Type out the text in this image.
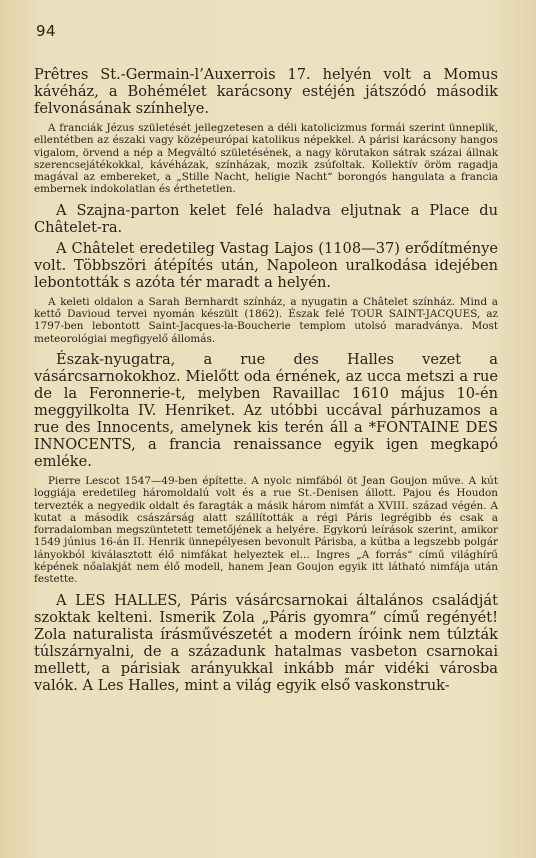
94

Prêtres St.-Germain-l’Auxerrois 17. helyén volt a Momus kávéház, a Bohémélet karácsony estéjén játszódó második felvonásának színhelye.

A franciák Jézus születését jellegzetesen a déli katolicizmus formái szerint ünneplik, ellentétben az északi vagy középeurópai katolikus népekkel. A párisi karácsony hangos vigalom, örvend a nép a Megváltó születésének, a nagy körutakon sátrak százai állnak szerencsejátékokkal, kávéházak, színházak, mozik zsúfoltak. Kollektív öröm ragadja magával az embereket, a „Stille Nacht, heligie Nacht“ borongós hangulata a francia embernek indokolatlan és érthetetlen.

A Szajna-parton kelet felé haladva eljutnak a Place du Châtelet-ra.

A Châtelet eredetileg Vastag Lajos (1108—37) erődítménye volt. Többszöri átépítés után, Napoleon uralkodása idejében lebontották s azóta tér maradt a helyén.

A keleti oldalon a Sarah Bernhardt színház, a nyugatin a Châtelet színház. Mind a kettő Davioud tervei nyomán készült (1862). Észak felé TOUR SAINT-JACQUES, az 1797-ben lebontott Saint-Jacques-la-Boucherie templom utolsó maradványa. Most meteorológiai megfigyelő állomás.

Észak-nyugatra, a rue des Halles vezet a vásárcsarnokokhoz. Mielőtt oda érnének, az ucca metszi a rue de la Feronnerie-t, melyben Ravaillac 1610 május 10-én meggyilkolta IV. Henriket. Az utóbbi uccával párhuzamos a rue des Innocents, amelynek kis terén áll a *FONTAINE DES INNOCENTS, a francia renaissance egyik igen megkapó emléke.

Pierre Lescot 1547—49-ben építette. A nyolc nimfából öt Jean Goujon műve. A kút loggiája eredetileg háromoldalú volt és a rue St.-Denisen állott. Pajou és Houdon tervezték a negyedik oldalt és faragták a másik három nimfát a XVIII. század végén. A kutat a második császárság alatt szállították a régi Páris legrégibb és csak a forradalomban megszüntetett temetőjének a helyére. Egykorú leírások szerint, amikor 1549 június 16-án II. Henrik ünnepélyesen bevonult Párisba, a kútba a legszebb polgár lányokból kiválasztott élő nimfákat helyeztek el... Ingres „A forrás“ című világhírű képének nőalakját nem élő modell, hanem Jean Goujon egyik itt látható nimfája után festette.

A LES HALLES, Páris vásárcsarnokai általános családját szoktak kelteni. Ismerik Zola „Páris gyomra“ című regényét! Zola naturalista írásművészetét a modern íróink nem túlzták túlszárnyalni, de a századunk hatalmas vasbeton csarnokai mellett, a párisiak arányukkal inkább már vidéki városba valók. A Les Halles, mint a világ egyik első vaskonstruk-
